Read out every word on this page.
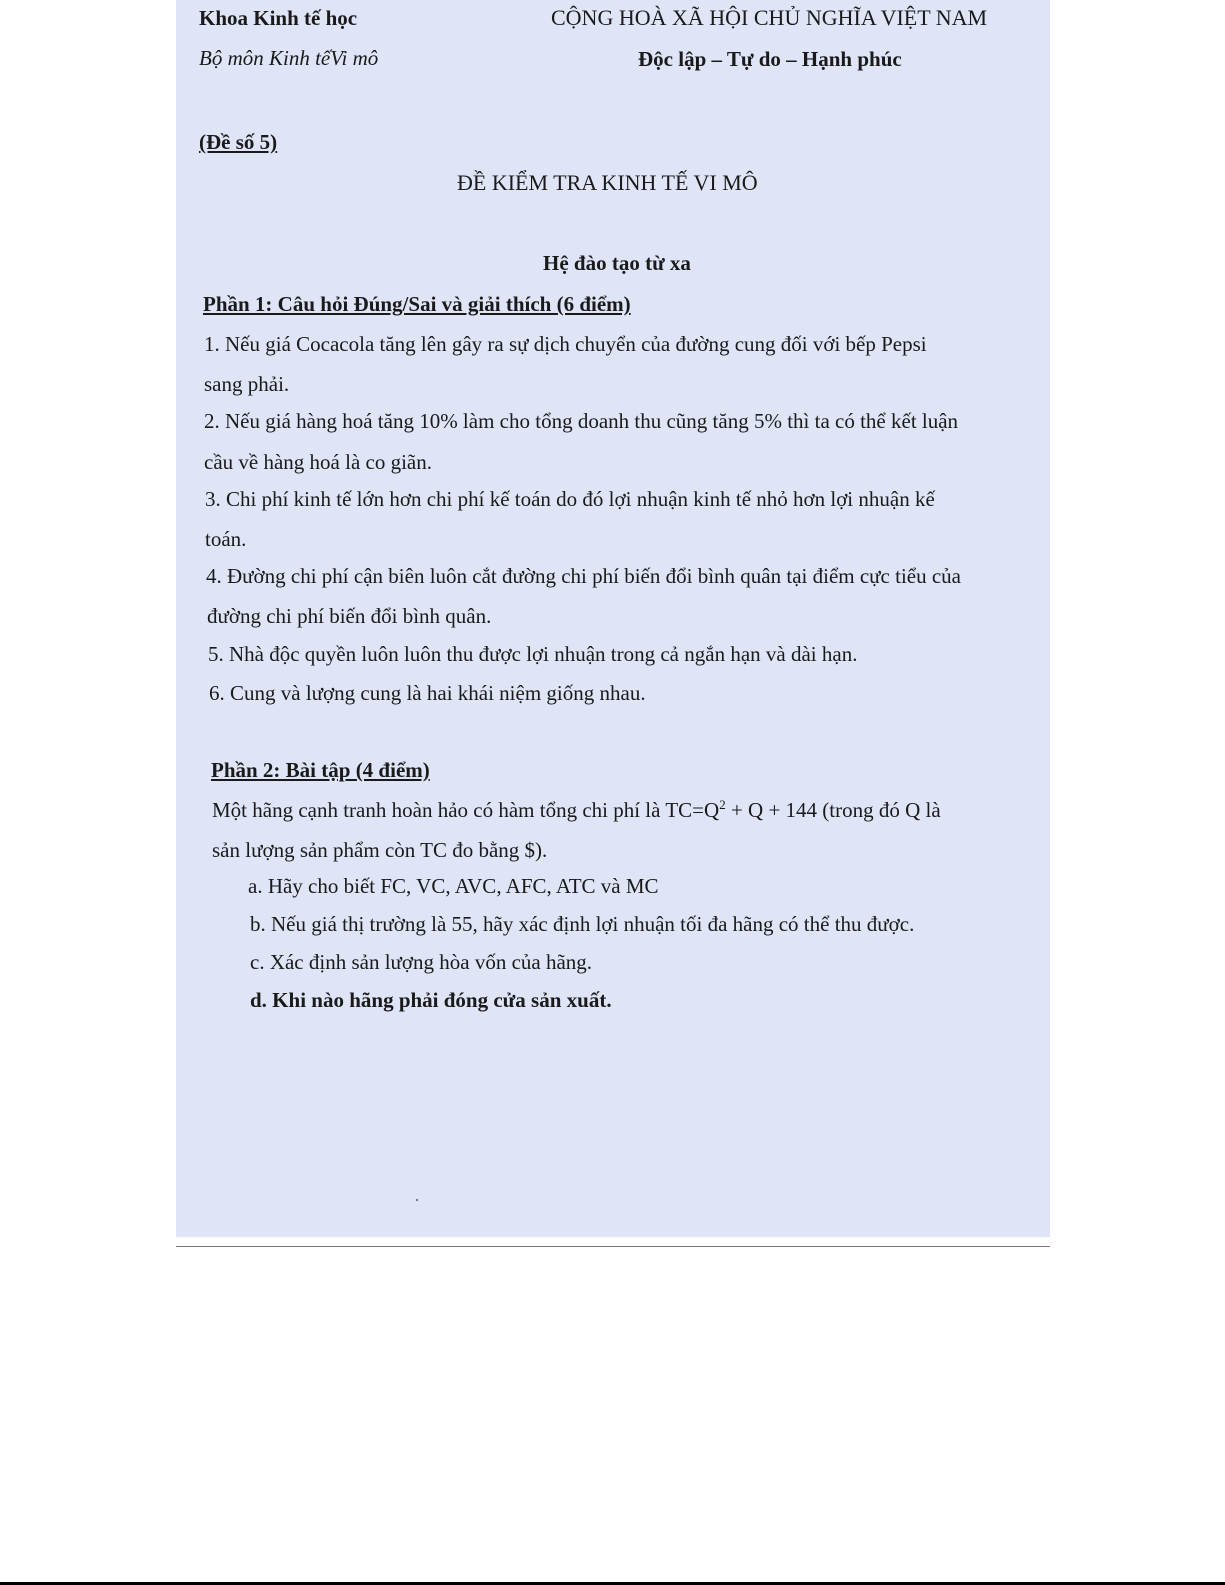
Khoa Kinh tế học
Bộ môn Kinh tếVi mô
CỘNG HOÀ XÃ HỘI CHỦ NGHĨA VIỆT NAM
Độc lập – Tự do – Hạnh phúc
(Đề số 5)
ĐỀ KIỂM TRA KINH TẾ VI MÔ
Hệ đào tạo từ xa
Phần 1: Câu hỏi Đúng/Sai và giải thích (6 điểm)
1. Nếu giá Cocacola tăng lên gây ra sự dịch chuyển của đường cung đối với bếp Pepsi
sang phải.
2. Nếu giá hàng hoá tăng 10% làm cho tổng doanh thu cũng tăng 5% thì ta có thể kết luận
cầu về hàng hoá là co giãn.
3. Chi phí kinh tế lớn hơn chi phí kế toán do đó lợi nhuận kinh tế nhỏ hơn lợi nhuận kế
toán.
4. Đường chi phí cận biên luôn cắt đường chi phí biến đổi bình quân tại điểm cực tiểu của
đường chi phí biến đổi bình quân.
5. Nhà độc quyền luôn luôn thu được lợi nhuận trong cả ngắn hạn và dài hạn.
6. Cung và lượng cung là hai khái niệm giống nhau.
Phần 2: Bài tập (4 điểm)
Một hãng cạnh tranh hoàn hảo có hàm tổng chi phí là $TC=Q^2 + Q + 144$ (trong đó Q là
sản lượng sản phẩm còn TC đo bằng $).
a. Hãy cho biết FC, VC, AVC, AFC, ATC và MC
b. Nếu giá thị trường là 55, hãy xác định lợi nhuận tối đa hãng có thể thu được.
c. Xác định sản lượng hòa vốn của hãng.
d. Khi nào hãng phải đóng cửa sản xuất.
